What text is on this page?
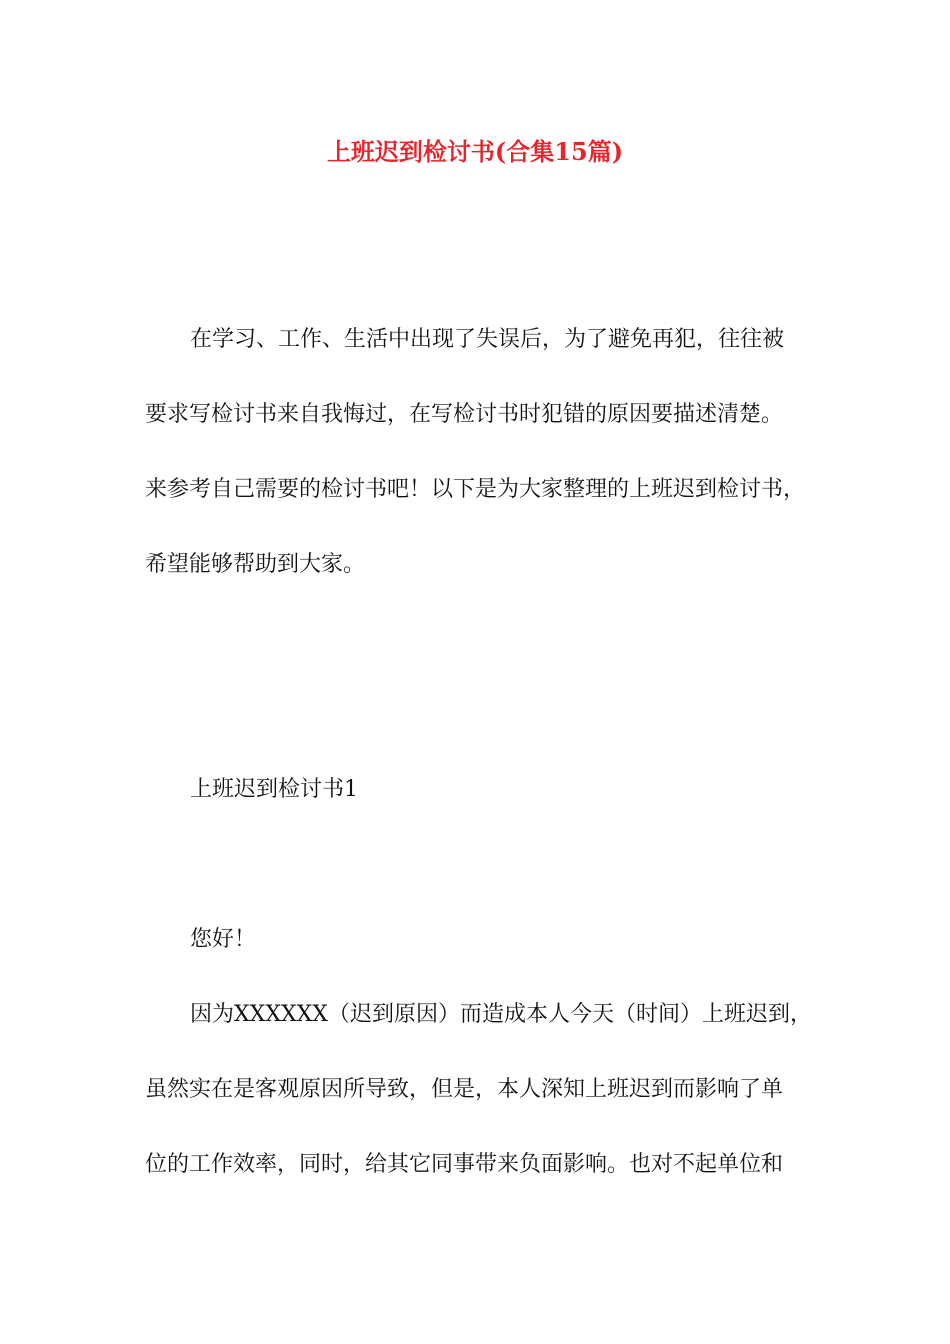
上班迟到检讨书(合集15篇)

在学习、工作、生活中出现了失误后，为了避免再犯，往往被

要求写检讨书来自我悔过，在写检讨书时犯错的原因要描述清楚。

来参考自己需要的检讨书吧！以下是为大家整理的上班迟到检讨书，

希望能够帮助到大家。

上班迟到检讨书1

您好！

因为XXXXXX（迟到原因）而造成本人今天（时间）上班迟到，

虽然实在是客观原因所导致，但是，本人深知上班迟到而影响了单

位的工作效率，同时，给其它同事带来负面影响。也对不起单位和
